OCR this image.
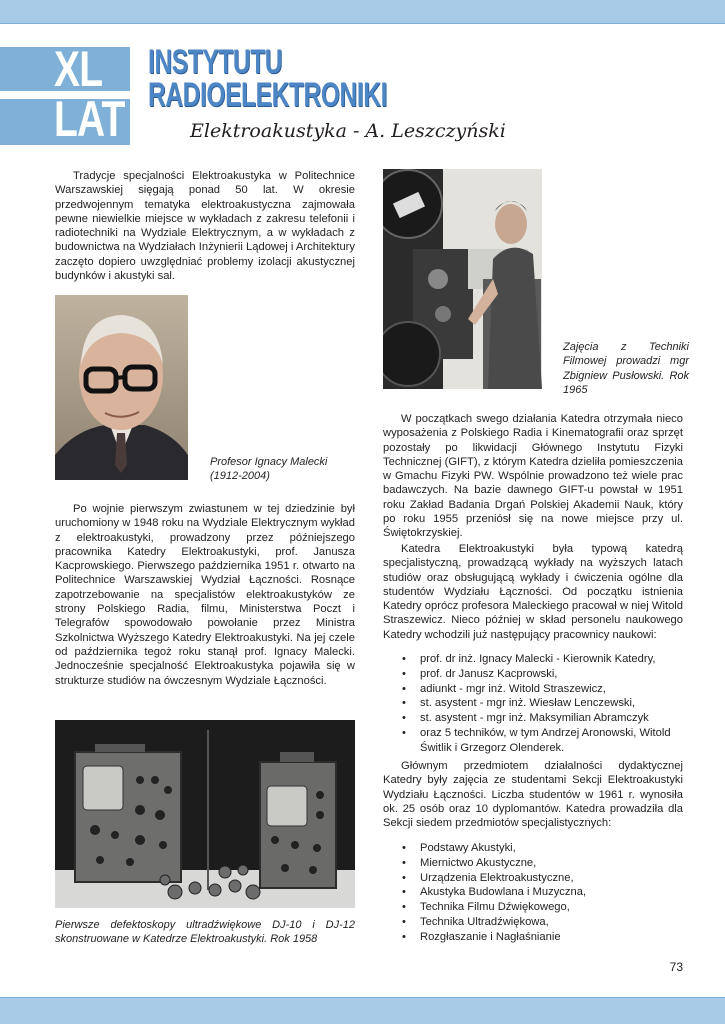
XL
LAT
INSTYTUTU
RADIOELEKTRONIKI
Elektroakustyka - A. Leszczyński

Tradycje specjalności Elektroakustyka w Politechnice Warszawskiej sięgają ponad 50 lat. W okresie przedwojennym tematyka elektroakustyczna zajmowała pewne niewielkie miejsce w wykładach z zakresu telefonii i radiotechniki na Wydziale Elektrycznym, a w wykładach z budownictwa na Wydziałach Inżynierii Lądowej i Architektury zaczęto dopiero uwzględniać problemy izolacji akustycznej budynków i akustyki sal.

Profesor Ignacy Malecki (1912-2004)

Po wojnie pierwszym zwiastunem w tej dziedzinie był uruchomiony w 1948 roku na Wydziale Elektrycznym wykład z elektroakustyki, prowadzony przez późniejszego pracownika Katedry Elektroakustyki, prof. Janusza Kacprowskiego. Pierwszego października 1951 r. otwarto na Politechnice Warszawskiej Wydział Łączności. Rosnące zapotrzebowanie na specjalistów elektroakustyków ze strony Polskiego Radia, filmu, Ministerstwa Poczt i Telegrafów spowodowało powołanie przez Ministra Szkolnictwa Wyższego Katedry Elektroakustyki. Na jej czele od października tegoż roku stanął prof. Ignacy Malecki. Jednocześnie specjalność Elektroakustyka pojawiła się w strukturze studiów na ówczesnym Wydziale Łączności.

Pierwsze defektoskopy ultradźwiękowe DJ-10 i DJ-12 skonstruowane w Katedrze Elektroakustyki. Rok 1958

Zajęcia z Techniki Filmowej prowadzi mgr Zbigniew Pusłowski. Rok 1965

W początkach swego działania Katedra otrzymała nieco wyposażenia z Polskiego Radia i Kinematografii oraz sprzęt pozostały po likwidacji Głównego Instytutu Fizyki Technicznej (GIFT), z którym Katedra dzieliła pomieszczenia w Gmachu Fizyki PW. Wspólnie prowadzono też wiele prac badawczych. Na bazie dawnego GIFT-u powstał w 1951 roku Zakład Badania Drgań Polskiej Akademii Nauk, który po roku 1955 przeniósł się na nowe miejsce przy ul. Świętokrzyskiej.

Katedra Elektroakustyki była typową katedrą specjalistyczną, prowadzącą wykłady na wyższych latach studiów oraz obsługującą wykłady i ćwiczenia ogólne dla studentów Wydziału Łączności. Od początku istnienia Katedry oprócz profesora Maleckiego pracował w niej Witold Straszewicz. Nieco później w skład personelu naukowego Katedry wchodzili już następujący pracownicy naukowi:

• prof. dr inż. Ignacy Malecki - Kierownik Katedry,
• prof. dr Janusz Kacprowski,
• adiunkt - mgr inż. Witold Straszewicz,
• st. asystent - mgr inż. Wiesław Lenczewski,
• st. asystent - mgr inż. Maksymilian Abramczyk
• oraz 5 techników, w tym Andrzej Aronowski, Witold Świtlik i Grzegorz Olenderek.

Głównym przedmiotem działalności dydaktycznej Katedry były zajęcia ze studentami Sekcji Elektroakustyki Wydziału Łączności. Liczba studentów w 1961 r. wynosiła ok. 25 osób oraz 10 dyplomantów. Katedra prowadziła dla Sekcji siedem przedmiotów specjalistycznych:

• Podstawy Akustyki,
• Miernictwo Akustyczne,
• Urządzenia Elektroakustyczne,
• Akustyka Budowlana i Muzyczna,
• Technika Filmu Dźwiękowego,
• Technika Ultradźwiękowa,
• Rozgłaszanie i Nagłaśnianie
73
